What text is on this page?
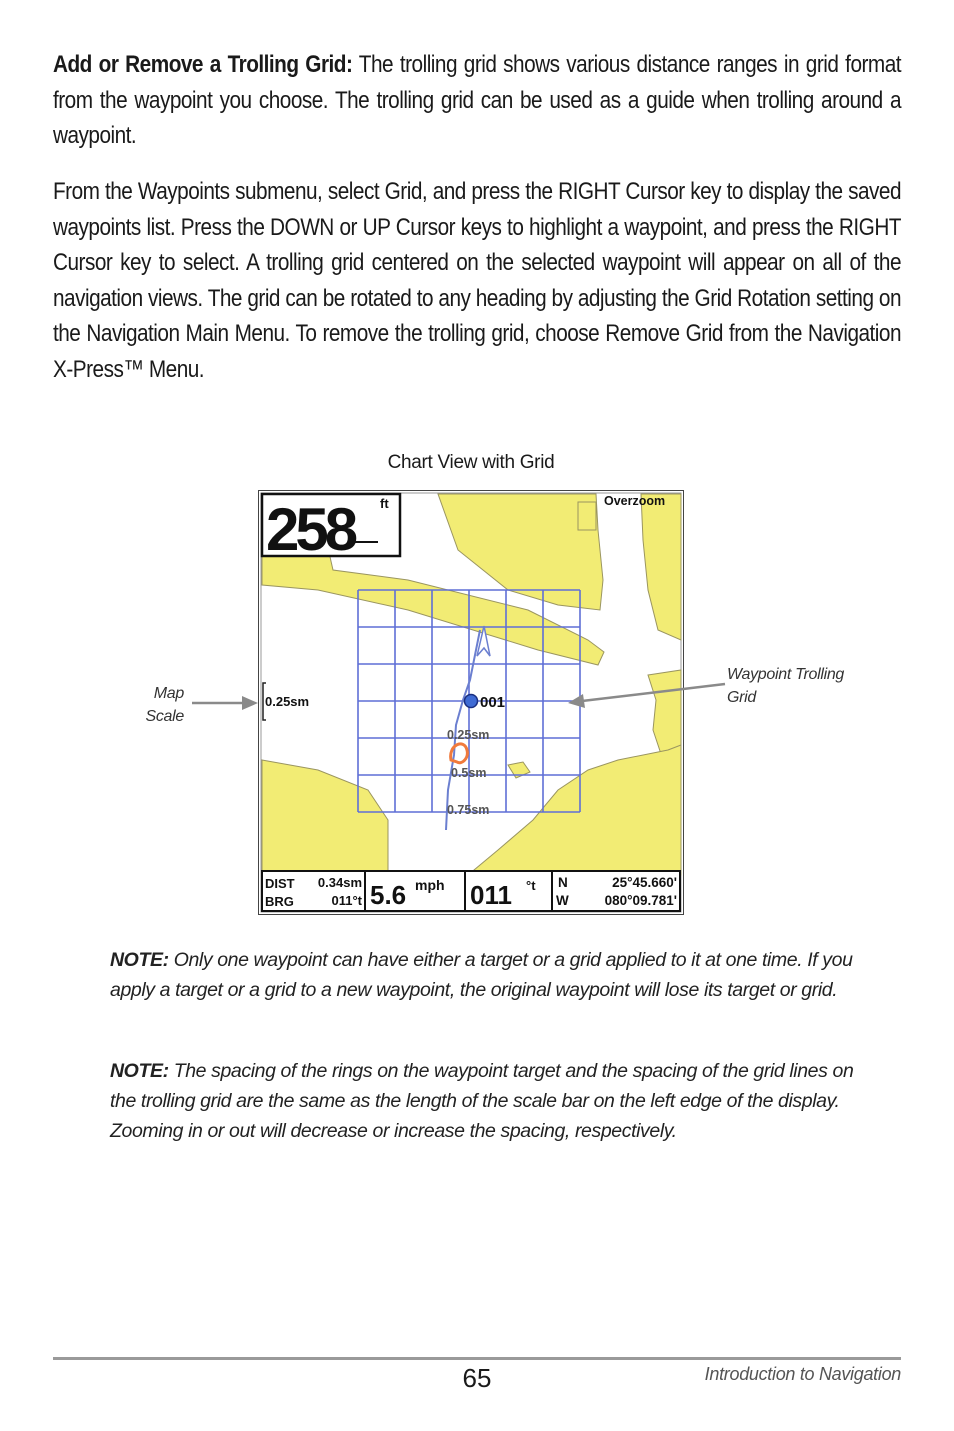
Add or Remove a Trolling Grid: The trolling grid shows various distance ranges in grid format from the waypoint you choose. The trolling grid can be used as a guide when trolling around a waypoint.

From the Waypoints submenu, select Grid, and press the RIGHT Cursor key to display the saved waypoints list. Press the DOWN or UP Cursor keys to highlight a waypoint, and press the RIGHT Cursor key to select. A trolling grid centered on the selected waypoint will appear on all of the navigation views. The grid can be rotated to any heading by adjusting the Grid Rotation setting on the Navigation Main Menu. To remove the trolling grid, choose Remove Grid from the Navigation X-Press™ Menu.

Chart View with Grid
001
0.25sm
0.5sm
0.75sm
0.25sm
Overzoom
258 ft
DIST
BRG
0.34sm
011°t 5.6 mph 011 °t N
W
25°45.660'
080°09.781'
Map Scale
Waypoint Trolling Grid

NOTE: Only one waypoint can have either a target or a grid applied to it at one time. If you apply a target or a grid to a new waypoint, the original waypoint will lose its target or grid.

NOTE: The spacing of the rings on the waypoint target and the spacing of the grid lines on the trolling grid are the same as the length of the scale bar on the left edge of the display. Zooming in or out will decrease or increase the spacing, respectively.

65	Introduction to Navigation
